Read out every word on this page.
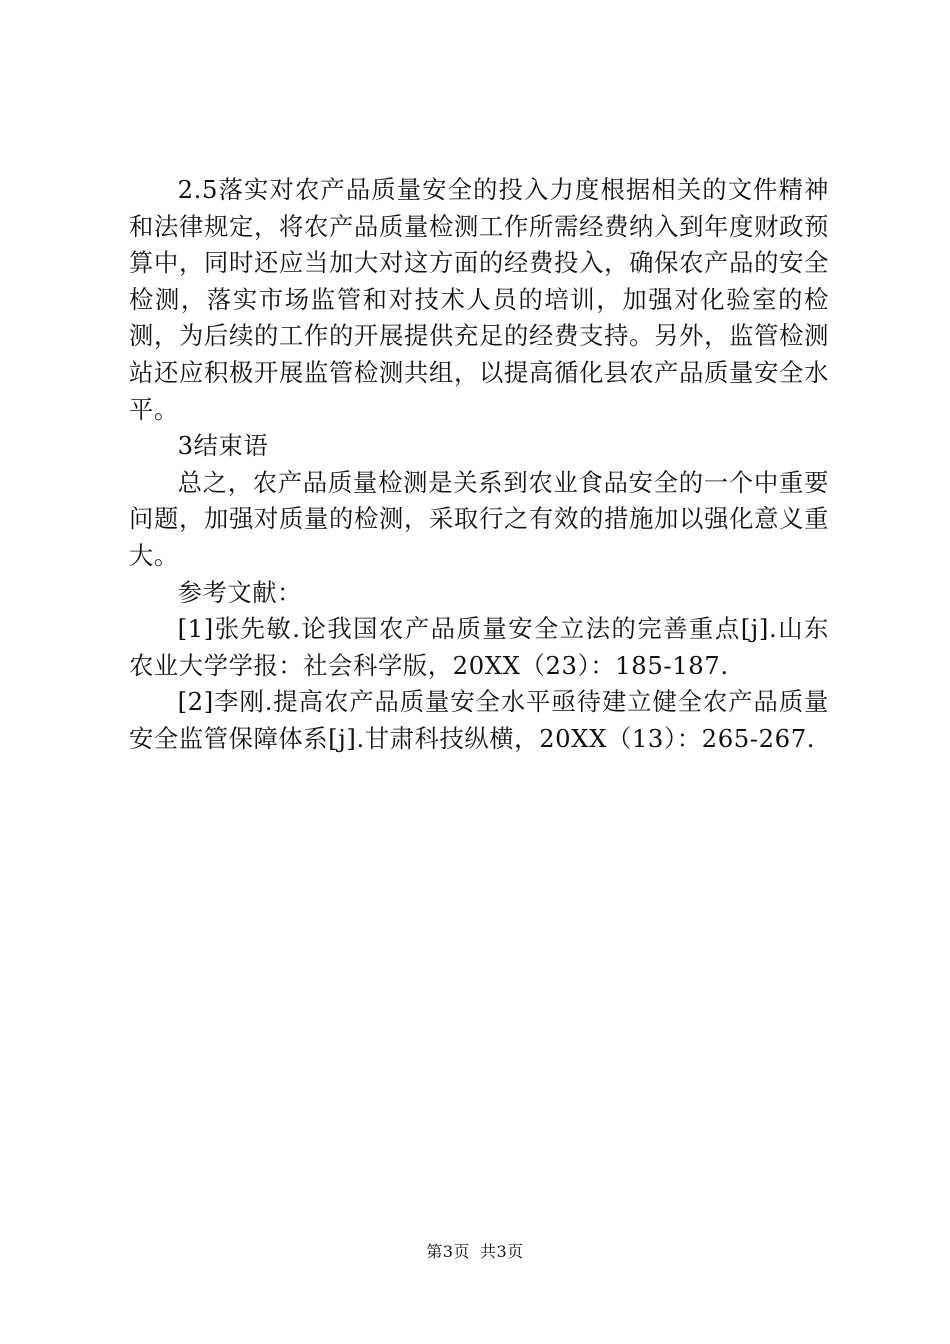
2.5落实对农产品质量安全的投入力度根据相关的文件精神和法律规定，将农产品质量检测工作所需经费纳入到年度财政预算中，同时还应当加大对这方面的经费投入，确保农产品的安全检测，落实市场监管和对技术人员的培训，加强对化验室的检测，为后续的工作的开展提供充足的经费支持。另外，监管检测站还应积极开展监管检测共组，以提高循化县农产品质量安全水平。

3结束语

总之，农产品质量检测是关系到农业食品安全的一个中重要问题，加强对质量的检测，采取行之有效的措施加以强化意义重大。

参考文献：

[1]张先敏.论我国农产品质量安全立法的完善重点[j].山东农业大学学报：社会科学版，20XX（23）：185-187.

[2]李刚.提高农产品质量安全水平亟待建立健全农产品质量安全监管保障体系[j].甘肃科技纵横，20XX（13）：265-267.

第3页 共3页
